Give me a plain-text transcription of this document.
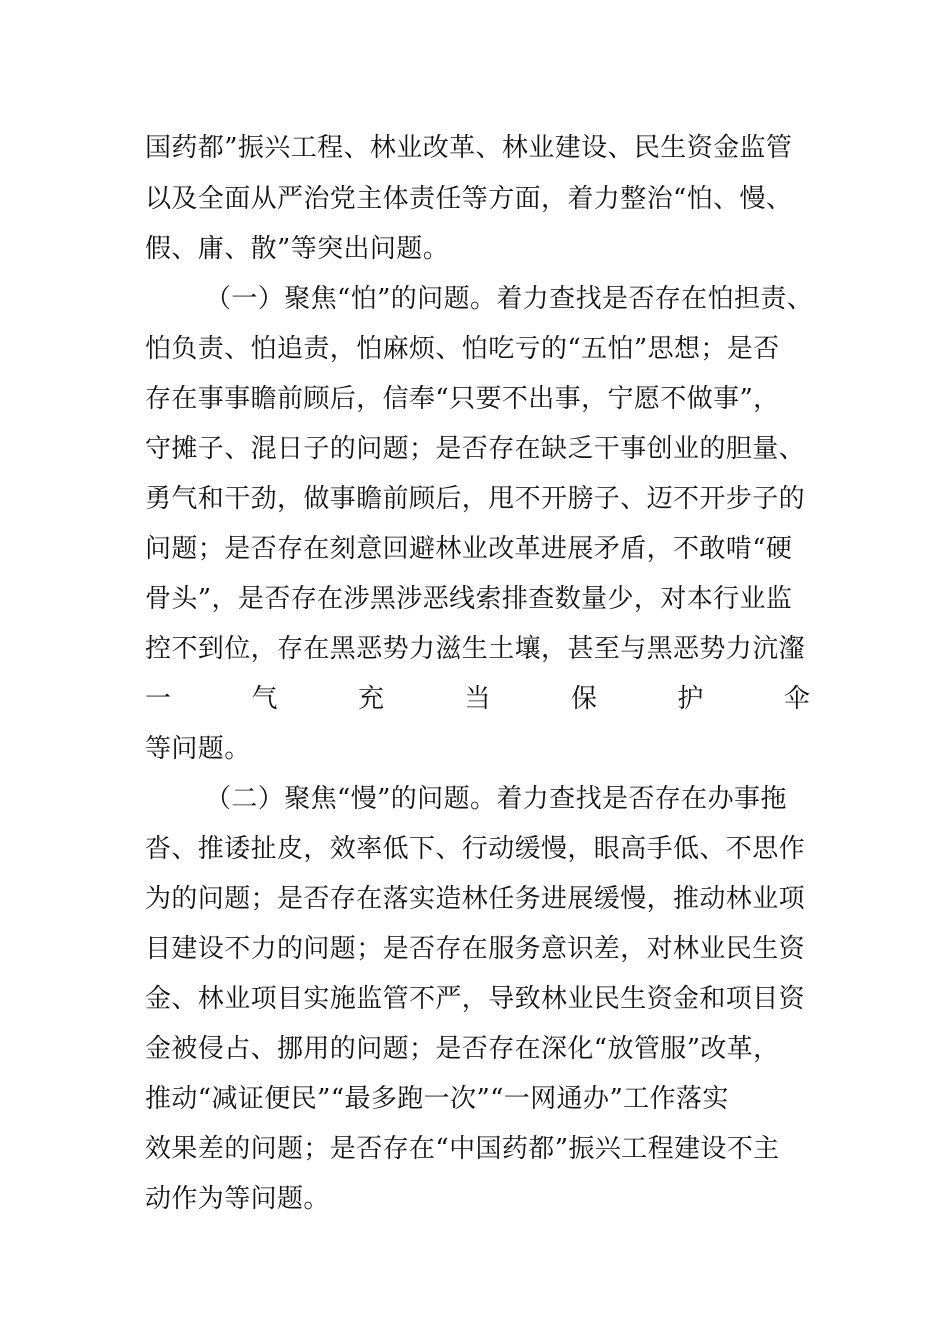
国药都”振兴工程、林业改革、林业建设、民生资金监管
以及全面从严治党主体责任等方面，着力整治“怕、慢、
假、庸、散”等突出问题。
（一）聚焦“怕”的问题。着力查找是否存在怕担责、
怕负责、怕追责，怕麻烦、怕吃亏的“五怕”思想；是否
存在事事瞻前顾后，信奉“只要不出事，宁愿不做事”，
守摊子、混日子的问题；是否存在缺乏干事创业的胆量、
勇气和干劲，做事瞻前顾后，甩不开膀子、迈不开步子的
问题；是否存在刻意回避林业改革进展矛盾，不敢啃“硬
骨头”，是否存在涉黑涉恶线索排查数量少，对本行业监
控不到位，存在黑恶势力滋生土壤，甚至与黑恶势力沆瀣
一	气	充	当	保	护	伞
等问题。
（二）聚焦“慢”的问题。着力查找是否存在办事拖
沓、推诿扯皮，效率低下、行动缓慢，眼高手低、不思作
为的问题；是否存在落实造林任务进展缓慢，推动林业项
目建设不力的问题；是否存在服务意识差，对林业民生资
金、林业项目实施监管不严，导致林业民生资金和项目资
金被侵占、挪用的问题；是否存在深化“放管服”改革，
推动“减证便民”“最多跑一次”“一网通办”工作落实
效果差的问题；是否存在“中国药都”振兴工程建设不主
动作为等问题。
